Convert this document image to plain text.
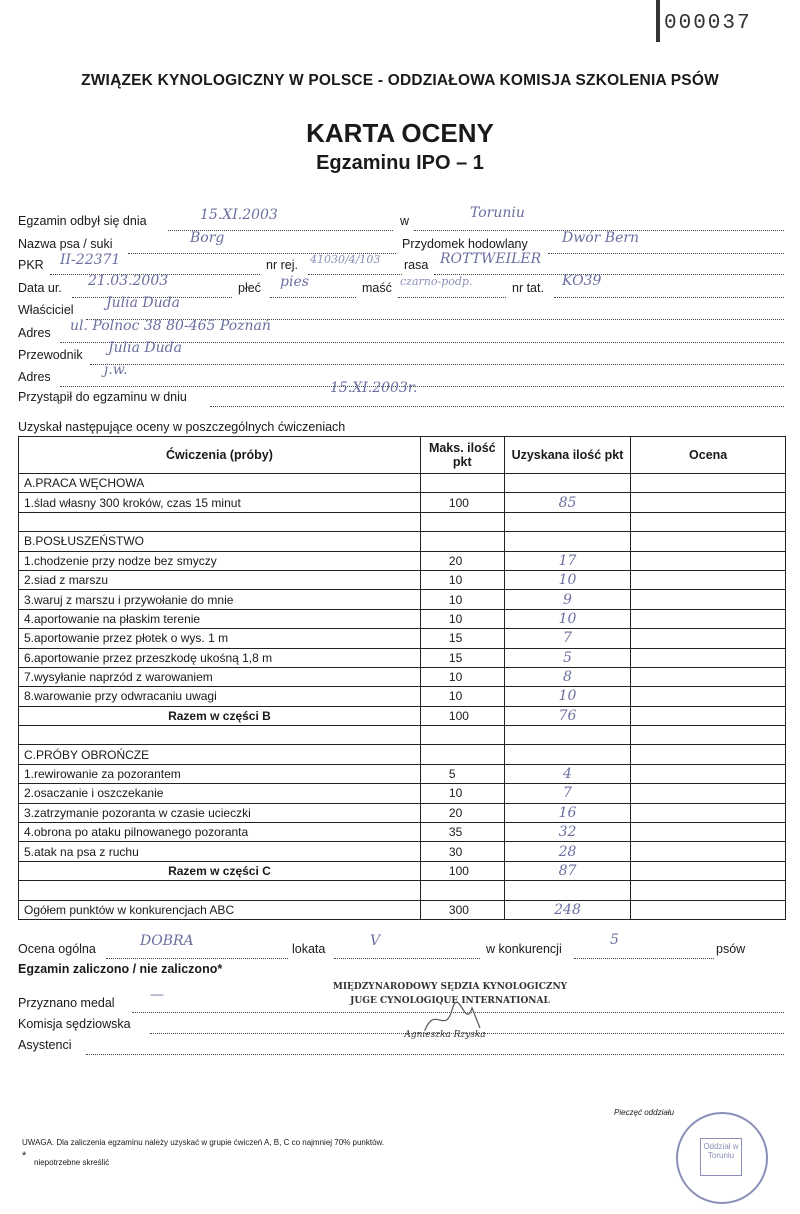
000037
ZWIĄZEK KYNOLOGICZNY W POLSCE - ODDZIAŁOWA KOMISJA SZKOLENIA PSÓW
KARTA OCENY
Egzaminu IPO – 1
Egzamin odbył się dnia	15.XI.2003	w	Toruniu
Nazwa psa / suki	Borg	Przydomek hodowlany Dwór Bern
PKR II-22371	nr rej. 41030/4/103 rasa ROTTWEILER
Data ur. 21.03.2003	płeć pies	maść czarno-podp.	nr tat. KO39
Właściciel Julia Duda
Adres ul. Polnoc 38 80-465 Poznań
Przewodnik Julia Duda
Adres	j.w.
Przystąpił do egzaminu w dniu
15.XI.2003r.
Uzyskał następujące oceny w poszczególnych ćwiczeniach
Ćwiczenia (próby)	Maks. ilość pkt	Uzyskana ilość pkt	Ocena
A.PRACA WĘCHOWA			
1.ślad własny 300 kroków, czas 15 minut	100	85	

B.POSŁUSZEŃSTWO			
1.chodzenie przy nodze bez smyczy	20	17	
2.siad z marszu	10	10	
3.waruj z marszu i przywołanie do mnie	10	9	
4.aportowanie na płaskim terenie	10	10	
5.aportowanie przez płotek o wys. 1 m	15	7	
6.aportowanie przez przeszkodę ukośną 1,8 m	15	5	
7.wysyłanie naprzód z warowaniem	10	8	
8.warowanie przy odwracaniu uwagi	10	10	
Razem w części B	100	76	

C.PRÓBY OBROŃCZE			
1.rewirowanie za pozorantem	5	4	
2.osaczanie i oszczekanie	10	7	
3.zatrzymanie pozoranta w czasie ucieczki	20	16	
4.obrona po ataku pilnowanego pozoranta	35	32	
5.atak na psa z ruchu	30	28	
Razem w części C	100	87	

Ogółem punktów w konkurencjach ABC	300	248	
Ocena ogólna	DOBRA	lokata	V	w konkurencji
5
psów
Egzamin zaliczono / nie zaliczono*
MIĘDZYNARODOWY SĘDZIA KYNOLOGICZNY
JUGE CYNOLOGIQUE INTERNATIONAL
Przyznano medal	—
Komisja sędziowska
Agnieszka Rzyska
Asystenci
Pieczęć oddziału
Oddział w Toruniu
UWAGA. Dla zaliczenia egzaminu należy uzyskać w grupie ćwiczeń A, B, C co najmniej 70% punktów.
*
niepotrzebne skreślić
